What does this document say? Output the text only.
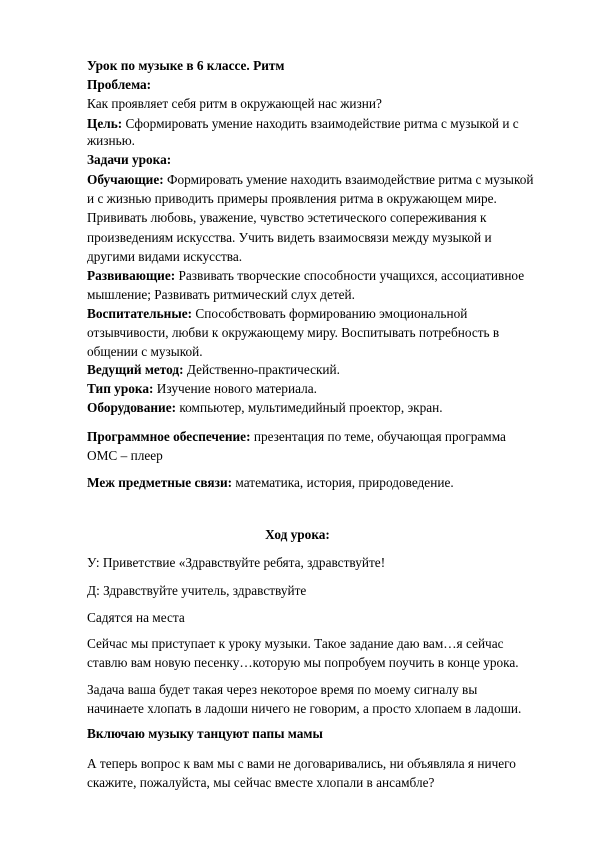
Урок по музыке в 6 классе. Ритм
Проблема:
Как проявляет себя ритм в окружающей нас жизни?
Цель: Сформировать умение находить взаимодействие ритма с музыкой и с
жизнью.
Задачи урока:
Обучающие: Формировать умение находить взаимодействие ритма с музыкой
и с жизнью приводить примеры проявления ритма в окружающем мире.
Прививать любовь, уважение, чувство эстетического сопереживания к
произведениям искусства. Учить видеть взаимосвязи между музыкой и
другими видами искусства.
Развивающие: Развивать творческие способности учащихся, ассоциативное
мышление; Развивать ритмический слух детей.
Воспитательные: Способствовать формированию эмоциональной
отзывчивости, любви к окружающему миру. Воспитывать потребность в
общении с музыкой.
Ведущий метод: Действенно-практический.
Тип урока: Изучение нового материала.
Оборудование: компьютер, мультимедийный проектор, экран.
Программное обеспечение: презентация по теме, обучающая программа
ОМС – плеер
Меж предметные связи: математика, история, природоведение.
Ход урока:
У: Приветствие «Здравствуйте ребята, здравствуйте!
Д: Здравствуйте учитель, здравствуйте
Садятся на места
Сейчас мы приступает к уроку музыки. Такое задание даю вам…я сейчас
ставлю вам новую песенку…которую мы попробуем поучить в конце урока.
Задача ваша будет такая через некоторое время по моему сигналу вы
начинаете хлопать в ладоши ничего не говорим, а просто хлопаем в ладоши.
Включаю музыку танцуют папы мамы
А теперь вопрос к вам мы с вами не договаривались, ни объявляла я ничего
скажите, пожалуйста, мы сейчас вместе хлопали в ансамбле?
